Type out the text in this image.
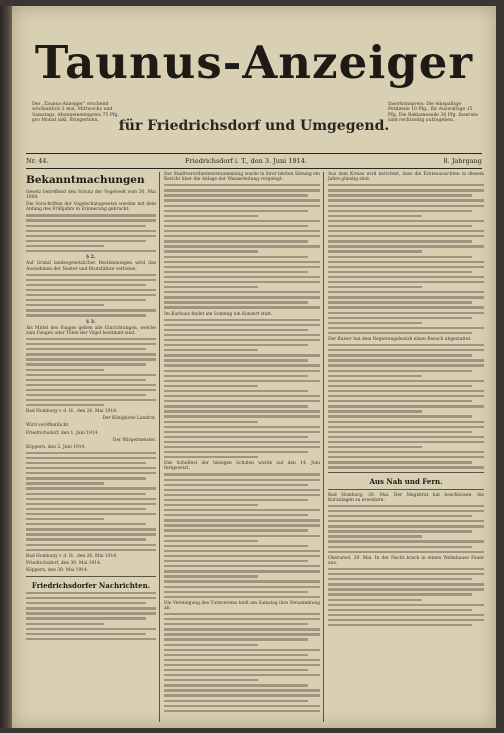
Der „Taunus-Anzeiger“ erscheint wöchentlich 2 mal, Mittwochs und Samstags. Abonnementspreis 75 Pfg. pro Monat inkl. Bringerlohn.
Taunus-Anzeiger
Insertionspreis: Die einspaltige Petitzeile 10 Pfg., für Auswärtige 15 Pfg. Die Reklamezeile 30 Pfg. Inserate sind rechtzeitig aufzugeben.
für Friedrichsdorf und Umgegend.
Nr. 44.	Friedrichsdorf i. T., den 3. Juni 1914.	8. Jahrgang
Bekanntmachungen

Gesetz betreffend den Schutz der Vogelwelt vom 30. Mai 1908.

Die Vorschriften der Vogelschutzgesetze werden mit dem Anfang des Frühjahrs in Erinnerung gebracht.

§ 2.

Auf Grund landesgesetzlicher Bestimmungen wird das Ausnehmen der Nester und Brutstätten verboten.

§ 3.

Als Mittel des Fanges gelten alle Einrichtungen, welche zum Fangen oder Töten der Vögel bestimmt sind.

Bad Homburg v. d. H., den 26. Mai 1914.

Der Königliche Landrat.

Wird veröffentlicht.

Friedrichsdorf, den 1. Juni 1914.

Der Bürgermeister.

Köppern, den 2. Juni 1914.

Bad Homburg v. d. H., den 26. Mai 1914.

Friedrichsdorf, den 30. Mai 1914.

Köppern, den 30. Mai 1914.

Friedrichsdorfer Nachrichten.

Der Stadtverordnetenversammlung wurde in ihrer letzten Sitzung ein Bericht über die Anlage der Wasserleitung vorgelegt.

Im Kurhaus findet am Sonntag ein Konzert statt.

Das Schulfest der hiesigen Schulen wurde auf den 14. Juni festgesetzt.

Die Vereinigung des Turnvereins hielt am Samstag ihre Versammlung ab.

Aus dem Kreise wird berichtet, dass die Ernteaussichten in diesem Jahre günstig sind.

Der Kaiser hat dem Regierungsbezirk einen Besuch abgestattet.

Aus Nah und Fern.

Bad Homburg, 30. Mai. Der Magistrat hat beschlossen, die Kuranlagen zu erweitern.

Oberursel, 29. Mai. In der Nacht brach in einem Wohnhause Feuer aus.
